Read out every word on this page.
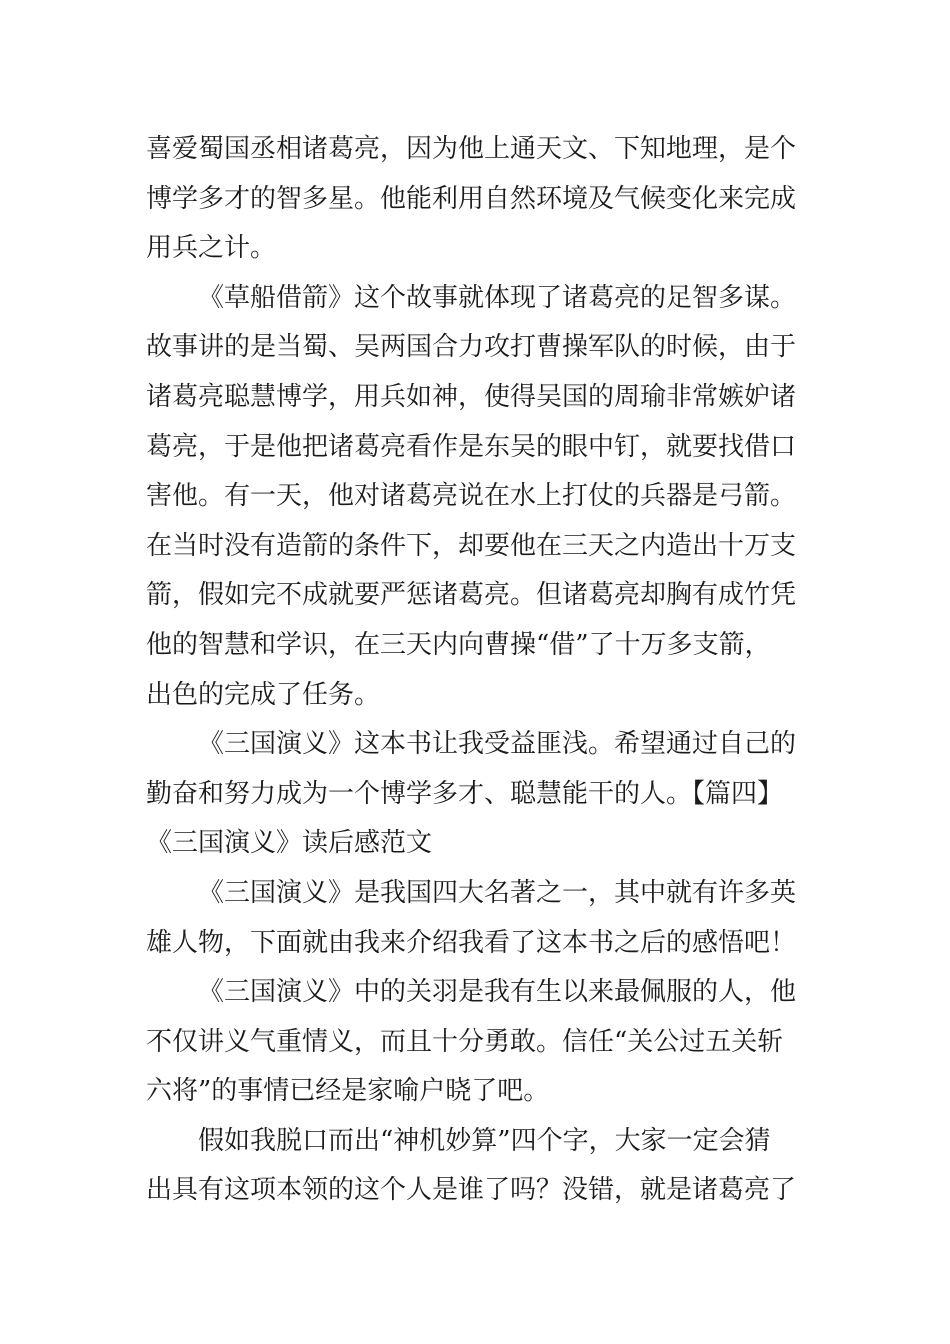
喜爱蜀国丞相诸葛亮，因为他上通天文、下知地理，是个
博学多才的智多星。他能利用自然环境及气候变化来完成
用兵之计。
《草船借箭》这个故事就体现了诸葛亮的足智多谋。
故事讲的是当蜀、吴两国合力攻打曹操军队的时候，由于
诸葛亮聪慧博学，用兵如神，使得吴国的周瑜非常嫉妒诸
葛亮，于是他把诸葛亮看作是东吴的眼中钉，就要找借口
害他。有一天，他对诸葛亮说在水上打仗的兵器是弓箭。
在当时没有造箭的条件下，却要他在三天之内造出十万支
箭，假如完不成就要严惩诸葛亮。但诸葛亮却胸有成竹凭
他的智慧和学识，在三天内向曹操“借”了十万多支箭，
出色的完成了任务。
《三国演义》这本书让我受益匪浅。希望通过自己的
勤奋和努力成为一个博学多才、聪慧能干的人。【篇四】
《三国演义》读后感范文
《三国演义》是我国四大名著之一，其中就有许多英
雄人物，下面就由我来介绍我看了这本书之后的感悟吧！
《三国演义》中的关羽是我有生以来最佩服的人，他
不仅讲义气重情义，而且十分勇敢。信任“关公过五关斩
六将”的事情已经是家喻户晓了吧。
假如我脱口而出“神机妙算”四个字，大家一定会猜
出具有这项本领的这个人是谁了吗？没错，就是诸葛亮了
